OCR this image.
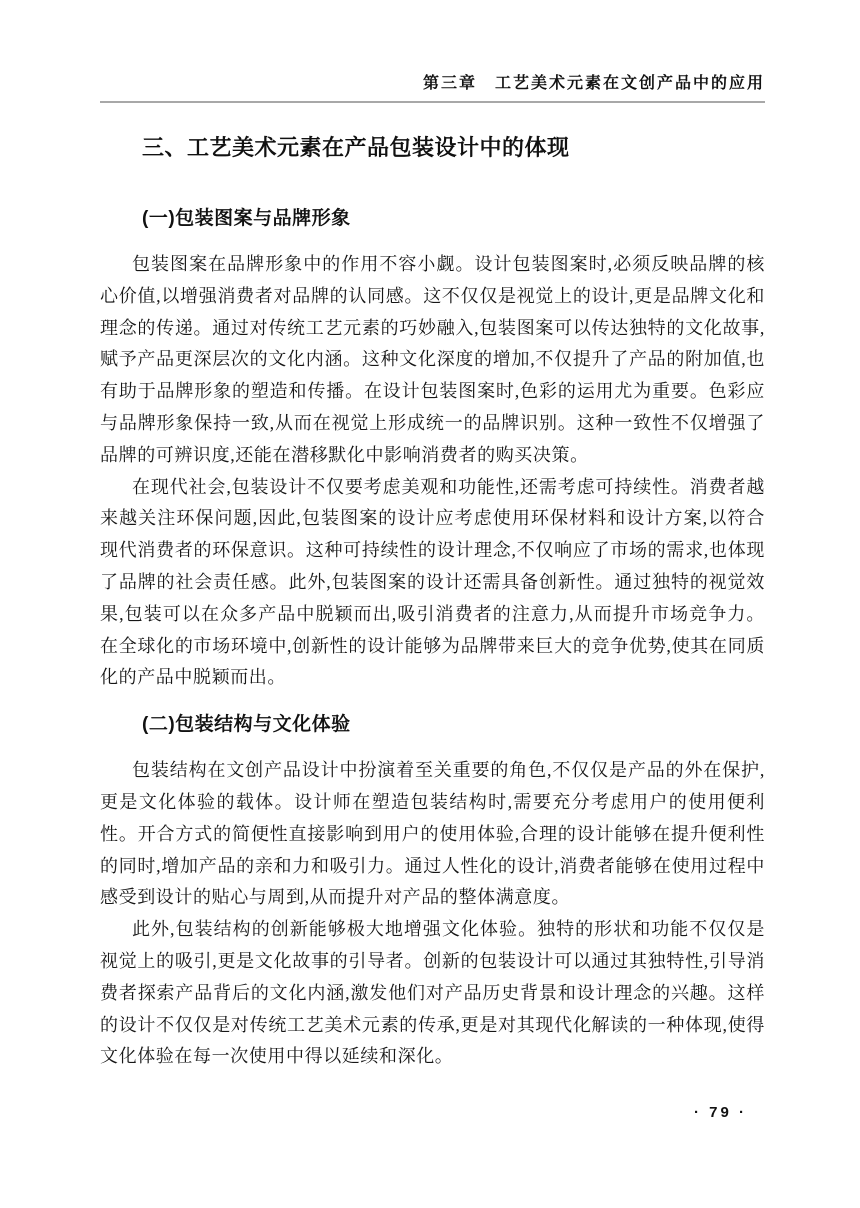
第三章　工艺美术元素在文创产品中的应用
三、工艺美术元素在产品包装设计中的体现
(一)包装图案与品牌形象

包装图案在品牌形象中的作用不容小觑。设计包装图案时,必须反映品牌的核心价值,以增强消费者对品牌的认同感。这不仅仅是视觉上的设计,更是品牌文化和理念的传递。通过对传统工艺元素的巧妙融入,包装图案可以传达独特的文化故事,赋予产品更深层次的文化内涵。这种文化深度的增加,不仅提升了产品的附加值,也有助于品牌形象的塑造和传播。在设计包装图案时,色彩的运用尤为重要。色彩应与品牌形象保持一致,从而在视觉上形成统一的品牌识别。这种一致性不仅增强了品牌的可辨识度,还能在潜移默化中影响消费者的购买决策。

在现代社会,包装设计不仅要考虑美观和功能性,还需考虑可持续性。消费者越来越关注环保问题,因此,包装图案的设计应考虑使用环保材料和设计方案,以符合现代消费者的环保意识。这种可持续性的设计理念,不仅响应了市场的需求,也体现了品牌的社会责任感。此外,包装图案的设计还需具备创新性。通过独特的视觉效果,包装可以在众多产品中脱颖而出,吸引消费者的注意力,从而提升市场竞争力。在全球化的市场环境中,创新性的设计能够为品牌带来巨大的竞争优势,使其在同质化的产品中脱颖而出。

(二)包装结构与文化体验

包装结构在文创产品设计中扮演着至关重要的角色,不仅仅是产品的外在保护,更是文化体验的载体。设计师在塑造包装结构时,需要充分考虑用户的使用便利性。开合方式的简便性直接影响到用户的使用体验,合理的设计能够在提升便利性的同时,增加产品的亲和力和吸引力。通过人性化的设计,消费者能够在使用过程中感受到设计的贴心与周到,从而提升对产品的整体满意度。

此外,包装结构的创新能够极大地增强文化体验。独特的形状和功能不仅仅是视觉上的吸引,更是文化故事的引导者。创新的包装设计可以通过其独特性,引导消费者探索产品背后的文化内涵,激发他们对产品历史背景和设计理念的兴趣。这样的设计不仅仅是对传统工艺美术元素的传承,更是对其现代化解读的一种体现,使得文化体验在每一次使用中得以延续和深化。

· 79 ·
